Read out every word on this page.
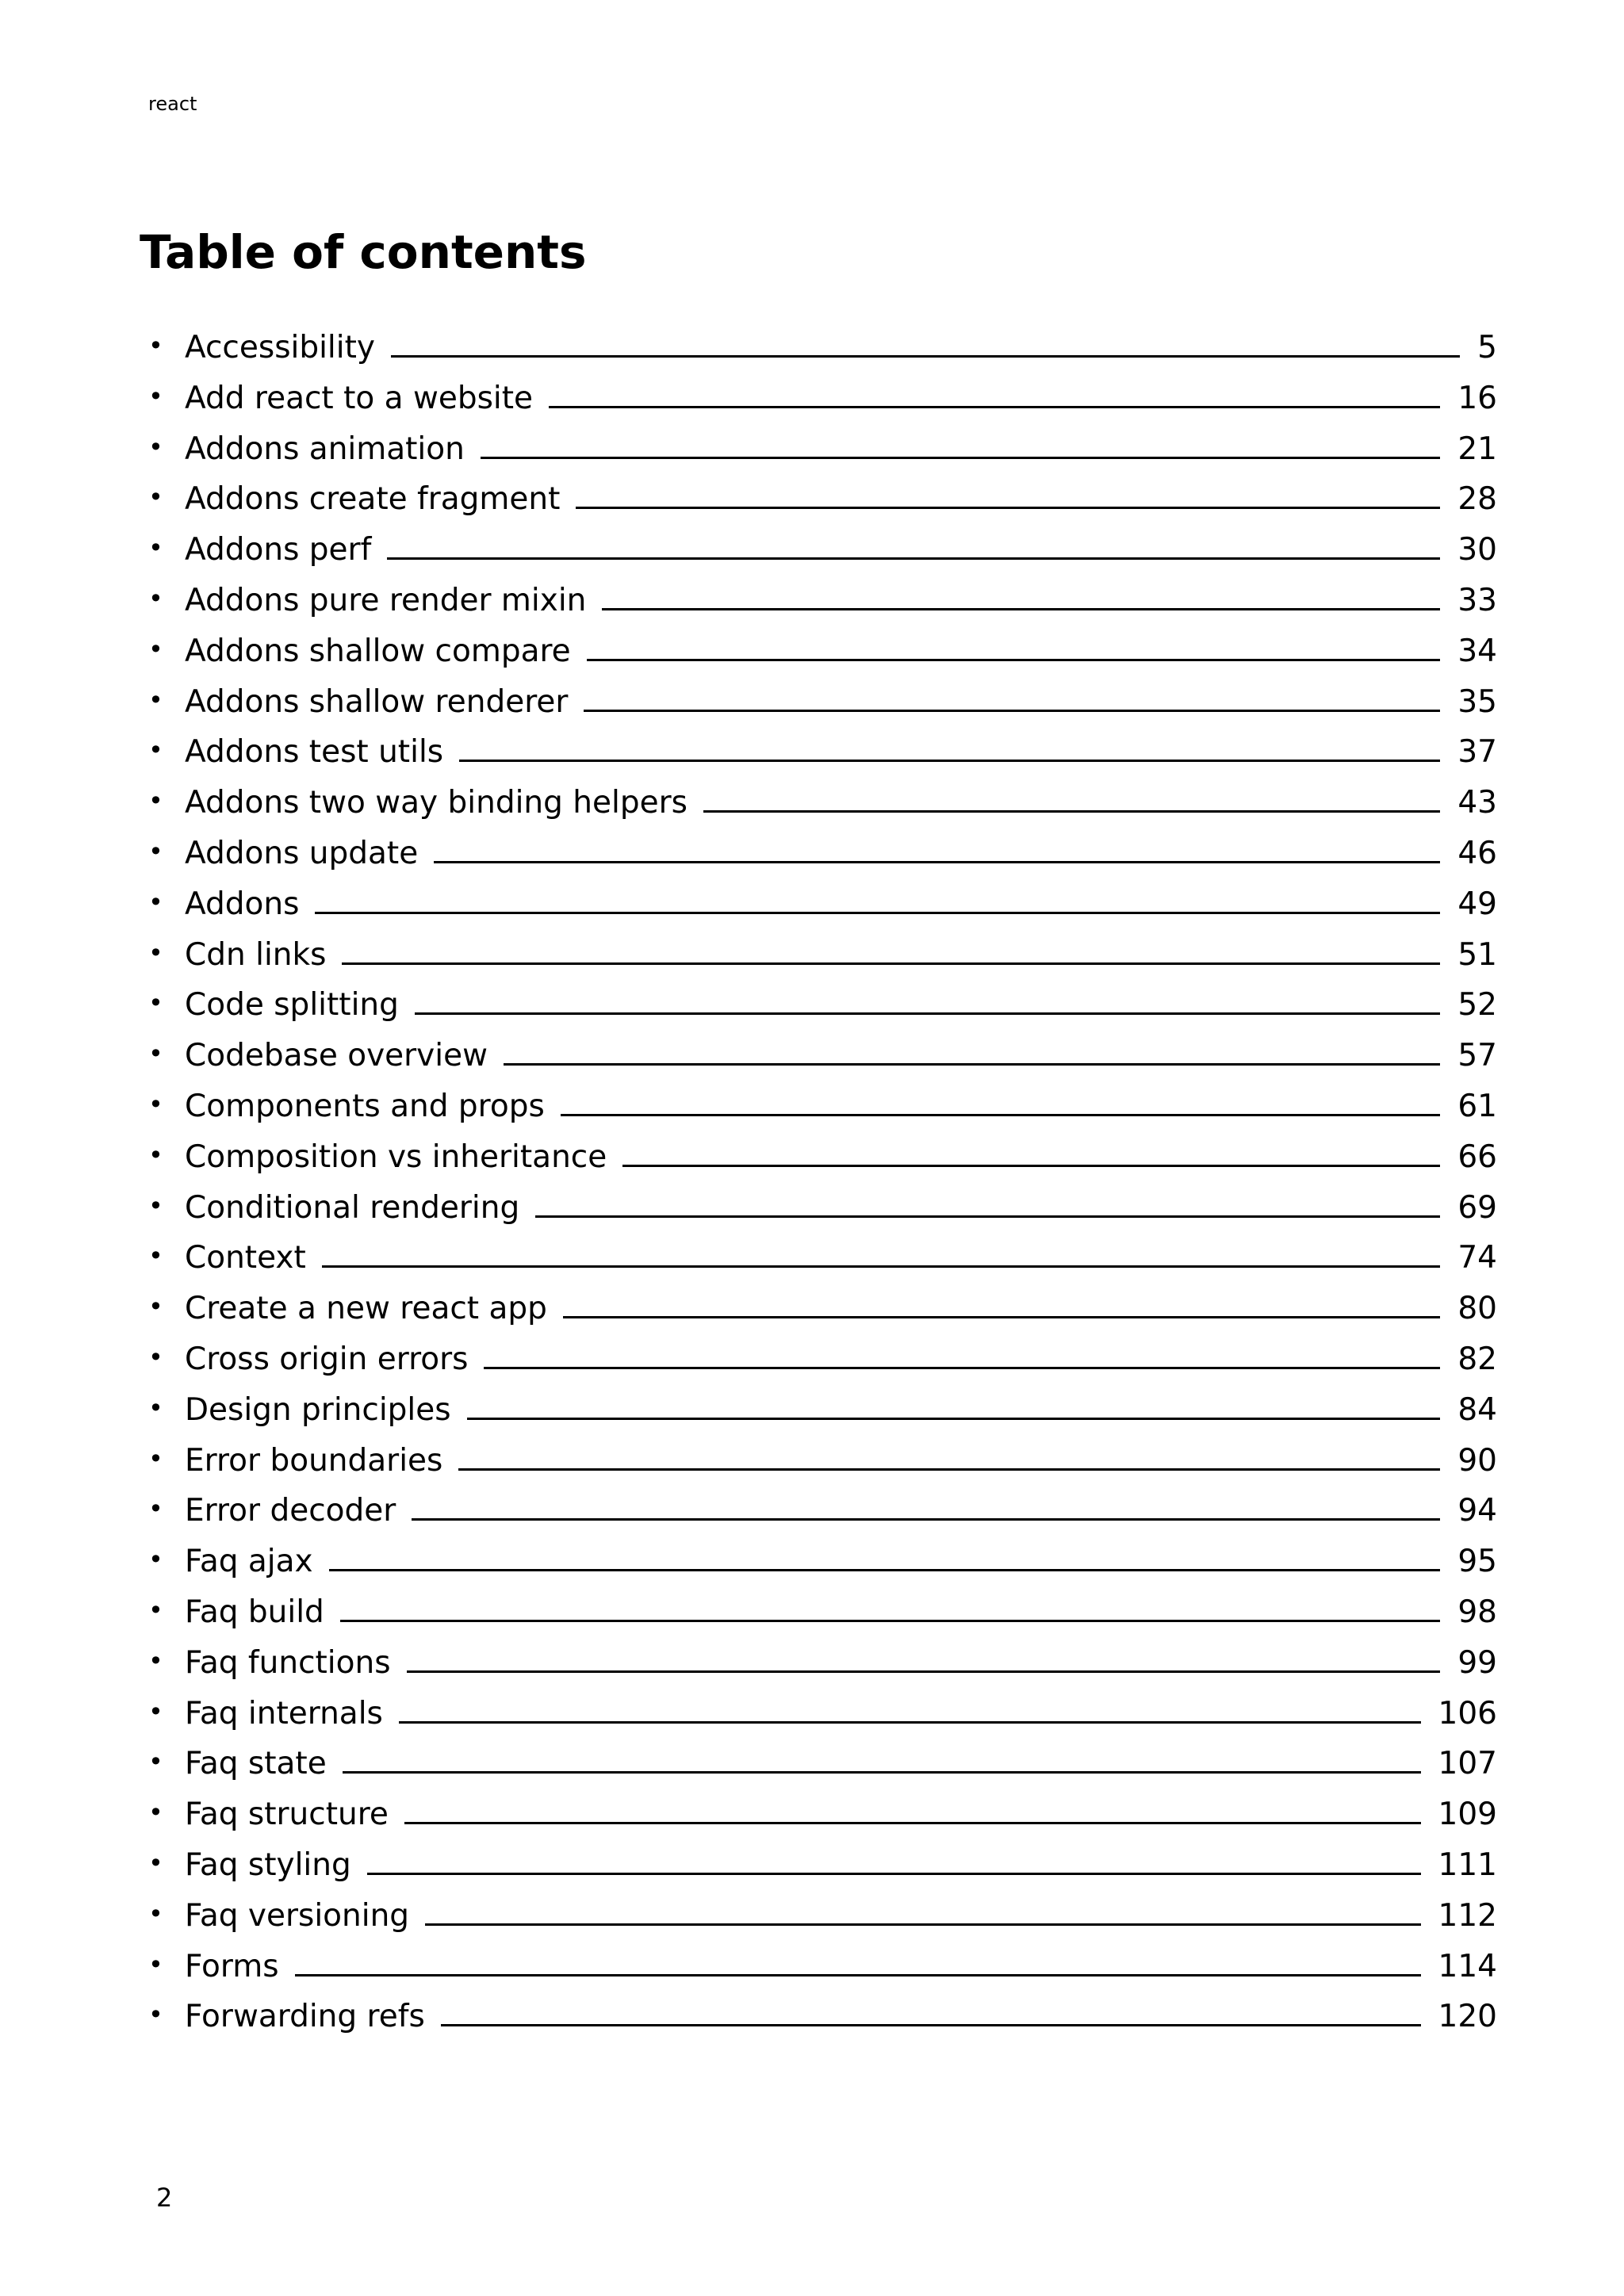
react
Table of contents
• Accessibility	5
• Add react to a website	16
• Addons animation	21
• Addons create fragment	28
• Addons perf	30
• Addons pure render mixin	33
• Addons shallow compare	34
• Addons shallow renderer	35
• Addons test utils	37
• Addons two way binding helpers	43
• Addons update	46
• Addons	49
• Cdn links	51
• Code splitting	52
• Codebase overview	57
• Components and props	61
• Composition vs inheritance	66
• Conditional rendering	69
• Context	74
• Create a new react app	80
• Cross origin errors	82
• Design principles	84
• Error boundaries	90
• Error decoder	94
• Faq ajax	95
• Faq build	98
• Faq functions	99
• Faq internals	106
• Faq state	107
• Faq structure	109
• Faq styling	111
• Faq versioning	112
• Forms	114
• Forwarding refs	120
2
